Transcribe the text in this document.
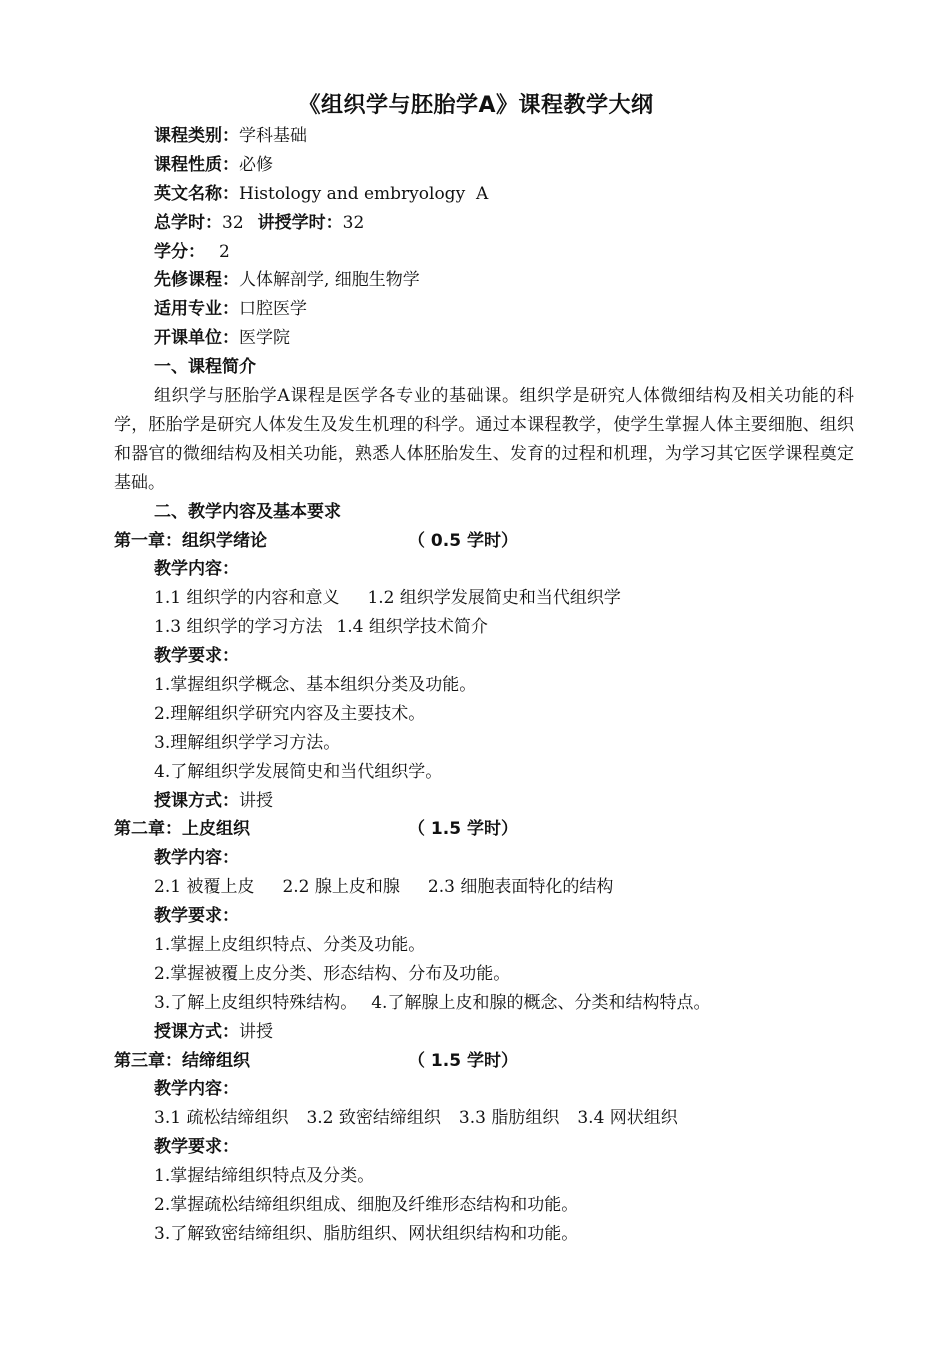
《组织学与胚胎学A》课程教学大纲
课程类别：学科基础
课程性质：必修
英文名称：Histology and embryology  A
总学时：32 讲授学时：32
学分： 2
先修课程：人体解剖学, 细胞生物学
适用专业：口腔医学
开课单位：医学院
一、课程简介
组织学与胚胎学A课程是医学各专业的基础课。组织学是研究人体微细结构及相关功能的科学，胚胎学是研究人体发生及发生机理的科学。通过本课程教学，使学生掌握人体主要细胞、组织和器官的微细结构及相关功能，熟悉人体胚胎发生、发育的过程和机理，为学习其它医学课程奠定基础。
二、教学内容及基本要求
第一章：组织学绪论	（ 0.5 学时）
教学内容：
1.1 组织学的内容和意义 1.2 组织学发展简史和当代组织学
1.3 组织学的学习方法 1.4 组织学技术简介
教学要求：
1.掌握组织学概念、基本组织分类及功能。
2.理解组织学研究内容及主要技术。
3.理解组织学学习方法。
4.了解组织学发展简史和当代组织学。
授课方式：讲授
第二章：上皮组织	（ 1.5 学时）
教学内容：
2.1 被覆上皮 2.2 腺上皮和腺 2.3 细胞表面特化的结构
教学要求：
1.掌握上皮组织特点、分类及功能。
2.掌握被覆上皮分类、形态结构、分布及功能。
3.了解上皮组织特殊结构。 4.了解腺上皮和腺的概念、分类和结构特点。
授课方式：讲授
第三章：结缔组织	（ 1.5 学时）
教学内容：
3.1 疏松结缔组织 3.2 致密结缔组织 3.3 脂肪组织 3.4 网状组织
教学要求：
1.掌握结缔组织特点及分类。
2.掌握疏松结缔组织组成、细胞及纤维形态结构和功能。
3.了解致密结缔组织、脂肪组织、网状组织结构和功能。
